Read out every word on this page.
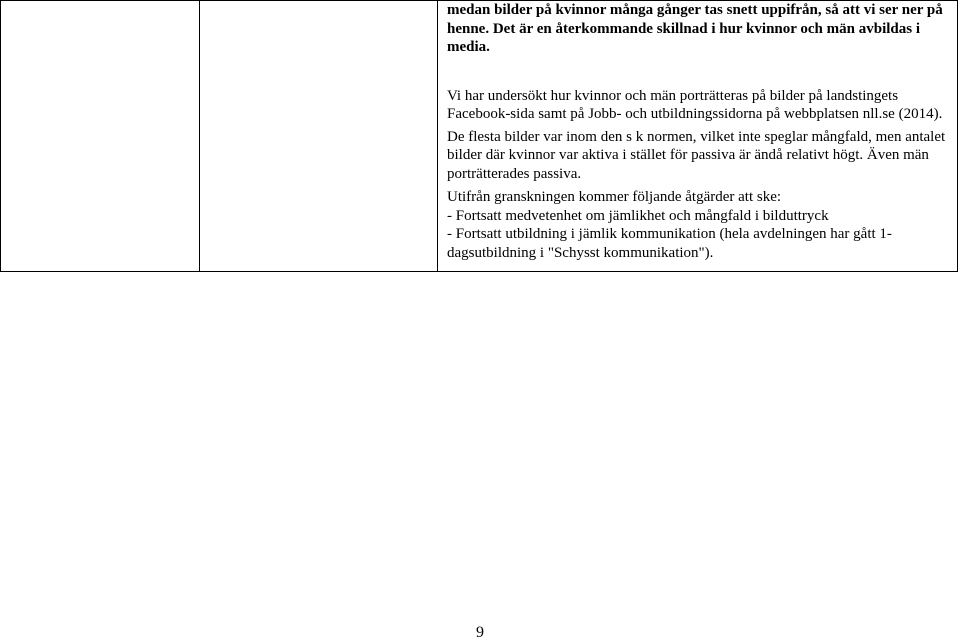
medan bilder på kvinnor många gånger tas snett uppifrån, så att vi ser ner på henne. Det är en återkommande skillnad i hur kvinnor och män avbildas i media.

Vi har undersökt hur kvinnor och män porträtteras på bilder på landstingets Facebook-sida samt på Jobb- och utbildningssidorna på webbplatsen nll.se (2014).

De flesta bilder var inom den s k normen, vilket inte speglar mångfald, men antalet bilder där kvinnor var aktiva i stället för passiva är ändå relativt högt. Även män porträtterades passiva.

Utifrån granskningen kommer följande åtgärder att ske:

- Fortsatt medvetenhet om jämlikhet och mångfald i bilduttryck

- Fortsatt utbildning i jämlik kommunikation (hela avdelningen har gått 1-dagsutbildning i "Schysst kommunikation").

9
